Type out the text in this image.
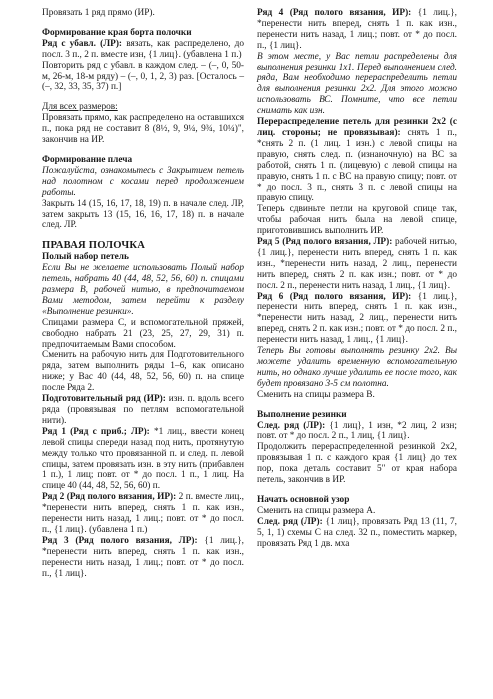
Провязать 1 ряд прямо (ИР).

Формирование края борта полочки

Ряд с убавл. (ЛР): вязать, как распределено, до посл. 3 п., 2 п. вместе изн, {1 лиц}. (убавлена 1 п.)

Повторить ряд с убавл. в каждом след. – (–, 0, 50-м, 26-м, 18-м ряду) – (–, 0, 1, 2, 3) раз. [Осталось – (–, 32, 33, 35, 37) п.]

Для всех размеров:

Провязать прямо, как распределено на оставшихся п., пока ряд не составит 8 (8½, 9, 9¼, 9¾, 10¼)", закончив на ИР.

Формирование плеча

Пожалуйста, ознакомьтесь с Закрытием петель над полотном с косами перед продолжением работы.

Закрыть 14 (15, 16, 17, 18, 19) п. в начале след. ЛР, затем закрыть 13 (15, 16, 16, 17, 18) п. в начале след. ЛР.

ПРАВАЯ ПОЛОЧКА

Полый набор петель

Если Вы не желаете использовать Полый набор петель, набрать 40 (44, 48, 52, 56, 60) п. спицами размера В, рабочей нитью, в предпочитаемом Вами методом, затем перейти к разделу «Выполнение резинки».

Спицами размера С, и вспомогательной пряжей, свободно набрать 21 (23, 25, 27, 29, 31) п. предпочитаемым Вами способом.

Сменить на рабочую нить для Подготовительного ряда, затем выполнить ряды 1–6, как описано ниже; у Вас 40 (44, 48, 52, 56, 60) п. на спице после Ряда 2.

Подготовительный ряд (ИР): изн. п. вдоль всего ряда (провязывая по петлям вспомогательной нити).

Ряд 1 (Ряд с приб.; ЛР): *1 лиц., ввести конец левой спицы спереди назад под нить, протянутую между только что провязанной п. и след. п. левой спицы, затем провязать изн. в эту нить (прибавлен 1 п.), 1 лиц; повт. от * до посл. 1 п., 1 лиц. На спице 40 (44, 48, 52, 56, 60) п.

Ряд 2 (Ряд полого вязания, ИР): 2 п. вместе лиц., *перенести нить вперед, снять 1 п. как изн., перенести нить назад, 1 лиц.; повт. от * до посл. п., {1 лиц}. (убавлена 1 п.)

Ряд 3 (Ряд полого вязания, ЛР): {1 лиц.}, *перенести нить вперед, снять 1 п. как изн., перенести нить назад, 1 лиц.; повт. от * до посл. п., {1 лиц}.

Ряд 4 (Ряд полого вязания, ИР): {1 лиц.}, *перенести нить вперед, снять 1 п. как изн., перенести нить назад, 1 лиц.; повт. от * до посл. п., {1 лиц}.

В этом месте, у Вас петли распределены для выполнения резинки 1х1. Перед выполнением след. ряда, Вам необходимо перераспределить петли для выполнения резинки 2х2. Для этого можно использовать ВС. Помните, что все петли снимать как изн.

Перераспределение петель для резинки 2х2 (с лиц. стороны; не провязывая): снять 1 п., *снять 2 п. (1 лиц. 1 изн.) с левой спицы на правую, снять след. п. (изнаночную) на ВС за работой, снять 1 п. (лицевую) с левой спицы на правую, снять 1 п. с ВС на правую спицу; повт. от * до посл. 3 п., снять 3 п. с левой спицы на правую спицу.

Теперь сдвиньте петли на круговой спице так, чтобы рабочая нить была на левой спице, приготовившись выполнить ИР.

Ряд 5 (Ряд полого вязания, ЛР): рабочей нитью, {1 лиц.}, перенести нить вперед, снять 1 п. как изн., *перенести нить назад, 2 лиц., перенести нить вперед, снять 2 п. как изн.; повт. от * до посл. 2 п., перенести нить назад, 1 лиц., {1 лиц}.

Ряд 6 (Ряд полого вязания, ИР): {1 лиц.}, перенести нить вперед, снять 1 п. как изн., *перенести нить назад, 2 лиц., перенести нить вперед, снять 2 п. как изн.; повт. от * до посл. 2 п., перенести нить назад, 1 лиц., {1 лиц}.

Теперь Вы готовы выполнять резинку 2х2. Вы можете удалить временную вспомогательную нить, но однако лучше удалить ее после того, как будет провязано 3-5 см полотна.

Сменить на спицы размера В.

Выполнение резинки

След. ряд (ЛР): {1 лиц}, 1 изн, *2 лиц, 2 изн; повт. от * до посл. 2 п., 1 лиц, {1 лиц}.

Продолжить перераспределенной резинкой 2х2, провязывая 1 п. с каждого края {1 лиц} до тех пор, пока деталь составит 5" от края набора петель, закончив в ИР.

Начать основной узор

Сменить на спицы размера А.

След. ряд (ЛР): {1 лиц}, провязать Ряд 13 (11, 7, 5, 1, 1) схемы С на след. 32 п., поместить маркер, провязать Ряд 1 дв. мха
